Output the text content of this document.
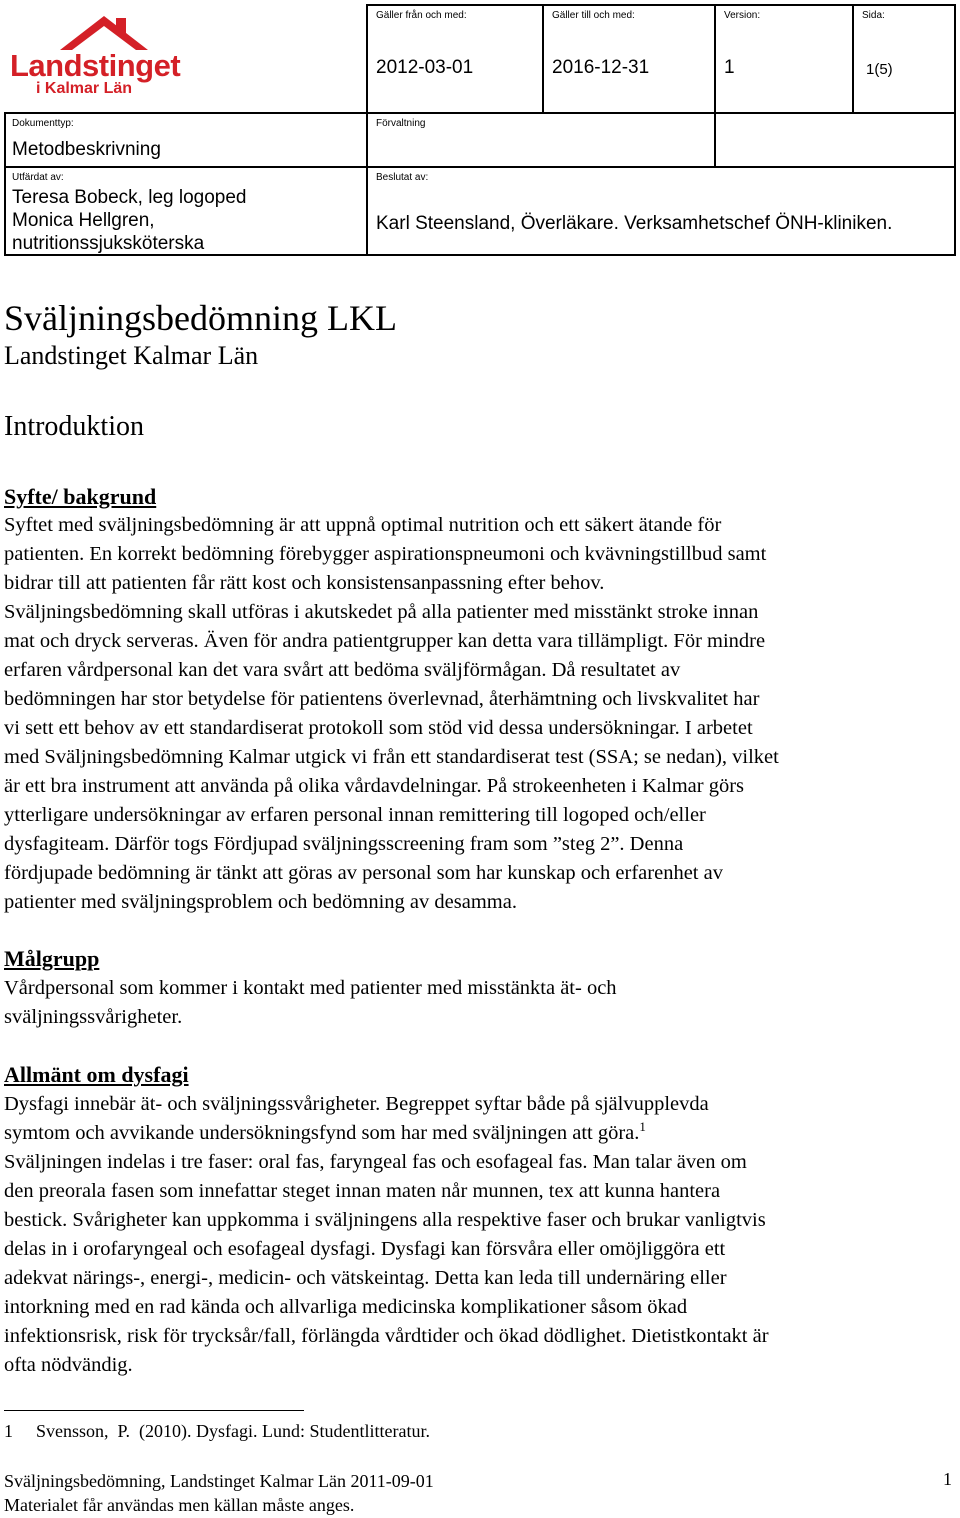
Landstinget
i Kalmar Län
Gäller från och med:
2012-03-01
Gäller till och med:
2016-12-31
Version:
1
Sida:
1(5)
Dokumenttyp:
Metodbeskrivning
Förvaltning
Utfärdat av:
Teresa Bobeck, leg logoped
Monica Hellgren,
nutritionssjuksköterska
Beslutat av:
Karl Steensland, Överläkare. Verksamhetschef ÖNH-kliniken.
Sväljningsbedömning LKL
Landstinget Kalmar Län
Introduktion
Syfte/ bakgrund
Syftet med sväljningsbedömning är att uppnå optimal nutrition och ett säkert ätande för
patienten. En korrekt bedömning förebygger aspirationspneumoni och kvävningstillbud samt
bidrar till att patienten får rätt kost och konsistensanpassning efter behov.
Sväljningsbedömning skall utföras i akutskedet på alla patienter med misstänkt stroke innan
mat och dryck serveras. Även för andra patientgrupper kan detta vara tillämpligt. För mindre
erfaren vårdpersonal kan det vara svårt att bedöma sväljförmågan. Då resultatet av
bedömningen har stor betydelse för patientens överlevnad, återhämtning och livskvalitet har
vi sett ett behov av ett standardiserat protokoll som stöd vid dessa undersökningar. I arbetet
med Sväljningsbedömning Kalmar utgick vi från ett standardiserat test (SSA; se nedan), vilket
är ett bra instrument att använda på olika vårdavdelningar. På strokeenheten i Kalmar görs
ytterligare undersökningar av erfaren personal innan remittering till logoped och/eller
dysfagiteam. Därför togs Fördjupad sväljningsscreening fram som ”steg 2”. Denna
fördjupade bedömning är tänkt att göras av personal som har kunskap och erfarenhet av
patienter med sväljningsproblem och bedömning av desamma.
Målgrupp
Vårdpersonal som kommer i kontakt med patienter med misstänkta ät- och
sväljningssvårigheter.
Allmänt om dysfagi
Dysfagi innebär ät- och sväljningssvårigheter. Begreppet syftar både på självupplevda
symtom och avvikande undersökningsfynd som har med sväljningen att göra.$^1$
Sväljningen indelas i tre faser: oral fas, faryngeal fas och esofageal fas. Man talar även om
den preorala fasen som innefattar steget innan maten når munnen, tex att kunna hantera
bestick. Svårigheter kan uppkomma i sväljningens alla respektive faser och brukar vanligtvis
delas in i orofaryngeal och esofageal dysfagi. Dysfagi kan försvåra eller omöjliggöra ett
adekvat närings-, energi-, medicin- och vätskeintag. Detta kan leda till undernäring eller
intorkning med en rad kända och allvarliga medicinska komplikationer såsom ökad
infektionsrisk, risk för trycksår/fall, förlängda vårdtider och ökad dödlighet. Dietistkontakt är
ofta nödvändig.
1 Svensson,  P.  (2010). Dysfagi. Lund: Studentlitteratur.
Sväljningsbedömning, Landstinget Kalmar Län 2011-09-01
Materialet får användas men källan måste anges.
1
